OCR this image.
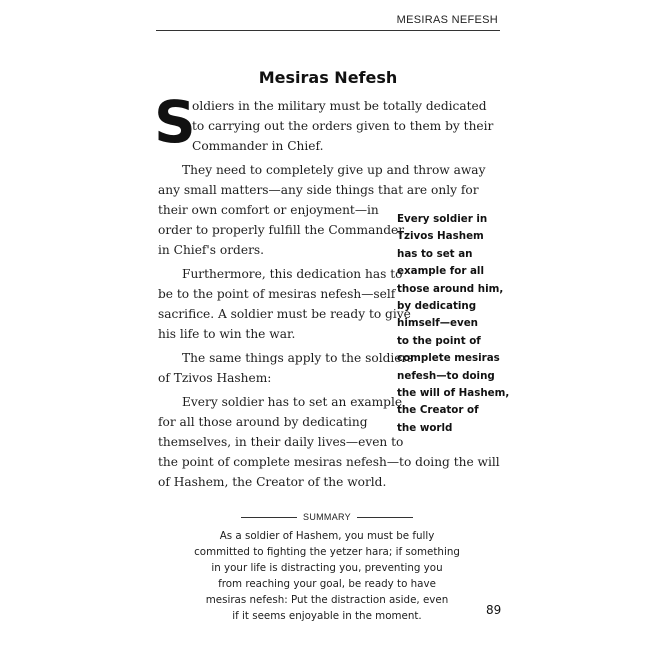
MESIRAS NEFESH
Mesiras Nefesh
S
oldiers in the military must be totally dedicated
to carrying out the orders given to them by their
Commander in Chief.
They need to completely give up and throw away
any small matters—any side things that are only for
their own comfort or enjoyment—in
order to properly fulfill the Commander
in Chief's orders.
Furthermore, this dedication has to
be to the point of mesiras nefesh—self
sacrifice. A soldier must be ready to give
his life to win the war.
The same things apply to the soldiers
of Tzivos Hashem:
Every soldier has to set an example
for all those around by dedicating
themselves, in their daily lives—even to
the point of complete mesiras nefesh—to doing the will
of Hashem, the Creator of the world.
Every soldier in
Tzivos Hashem
has to set an
example for all
those around him,
by dedicating
himself—even
to the point of
complete mesiras
nefesh—to doing
the will of Hashem,
the Creator of
the world
SUMMARY
As a soldier of Hashem, you must be fully
committed to fighting the yetzer hara; if something
in your life is distracting you, preventing you
from reaching your goal, be ready to have
mesiras nefesh: Put the distraction aside, even
if it seems enjoyable in the moment.	89
